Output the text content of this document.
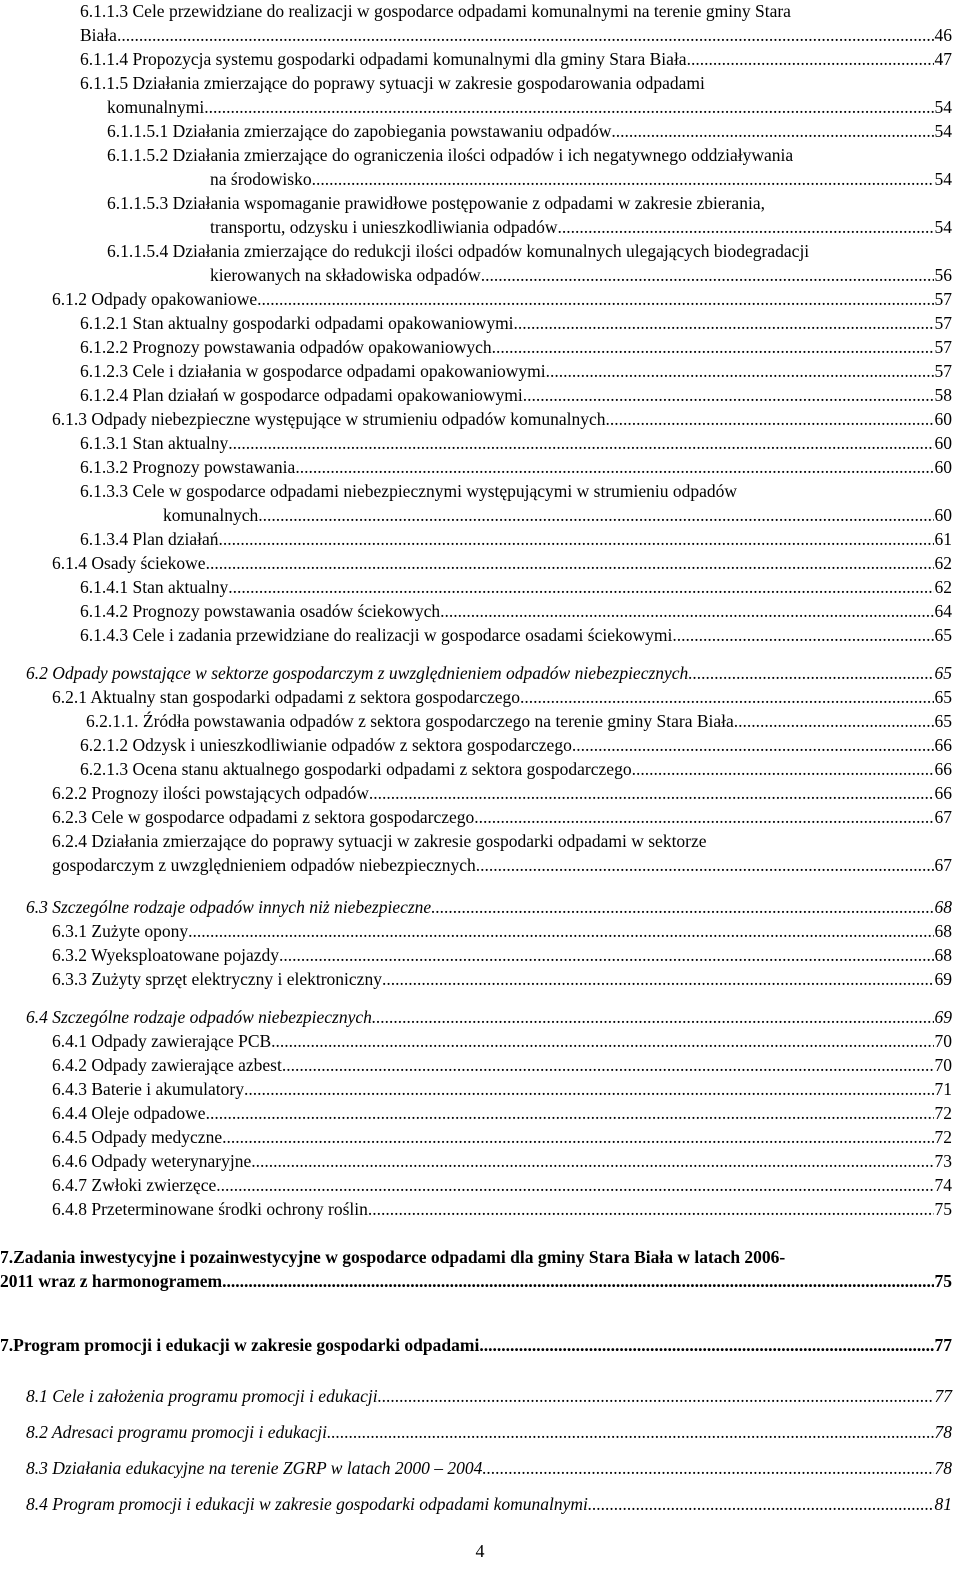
6.1.1.3 Cele przewidziane do realizacji w gospodarce odpadami komunalnymi na terenie gminy Stara
Biała .....	46
6.1.1.4 Propozycja systemu gospodarki odpadami komunalnymi dla gminy Stara Biała .....	47
6.1.1.5 Działania zmierzające do poprawy sytuacji w zakresie gospodarowania odpadami
komunalnymi .....	54
6.1.1.5.1 Działania zmierzające do zapobiegania powstawaniu odpadów .....	54
6.1.1.5.2 Działania zmierzające do ograniczenia ilości odpadów i ich negatywnego oddziaływania
na środowisko .....	54
6.1.1.5.3 Działania wspomaganie prawidłowe postępowanie z odpadami w zakresie zbierania,
transportu, odzysku i unieszkodliwiania odpadów .....	54
6.1.1.5.4 Działania zmierzające do redukcji ilości odpadów komunalnych ulegających biodegradacji
kierowanych na składowiska odpadów .....	56
6.1.2 Odpady opakowaniowe .....	57
6.1.2.1 Stan aktualny gospodarki odpadami opakowaniowymi .....	57
6.1.2.2 Prognozy powstawania odpadów opakowaniowych .....	57
6.1.2.3 Cele i działania w gospodarce odpadami opakowaniowymi .....	57
6.1.2.4 Plan działań w gospodarce odpadami opakowaniowymi .....	58
6.1.3 Odpady niebezpieczne występujące w strumieniu odpadów komunalnych .....	60
6.1.3.1 Stan aktualny .....	60
6.1.3.2 Prognozy powstawania .....	60
6.1.3.3 Cele w gospodarce odpadami niebezpiecznymi występującymi w strumieniu odpadów
komunalnych .....	60
6.1.3.4 Plan działań .....	61
6.1.4 Osady ściekowe .....	62
6.1.4.1 Stan aktualny .....	62
6.1.4.2 Prognozy powstawania osadów ściekowych .....	64
6.1.4.3 Cele i zadania przewidziane do realizacji w gospodarce osadami ściekowymi .....	65
6.2 Odpady powstające w sektorze gospodarczym z uwzględnieniem odpadów niebezpiecznych .....	65
6.2.1 Aktualny stan gospodarki odpadami z sektora gospodarczego .....	65
6.2.1.1. Źródła powstawania odpadów z sektora gospodarczego na terenie gminy Stara Biała .....	65
6.2.1.2 Odzysk i unieszkodliwianie odpadów z sektora gospodarczego .....	66
6.2.1.3 Ocena stanu aktualnego gospodarki odpadami z sektora gospodarczego .....	66
6.2.2 Prognozy ilości powstających odpadów .....	66
6.2.3 Cele w gospodarce odpadami z sektora gospodarczego .....	67
6.2.4 Działania zmierzające do poprawy sytuacji w zakresie gospodarki odpadami w sektorze
gospodarczym z uwzględnieniem odpadów niebezpiecznych .....	67
6.3 Szczególne rodzaje odpadów innych niż niebezpieczne .....	68
6.3.1 Zużyte opony .....	68
6.3.2 Wyeksploatowane pojazdy .....	68
6.3.3 Zużyty sprzęt elektryczny i elektroniczny .....	69
6.4 Szczególne rodzaje odpadów niebezpiecznych .....	69
6.4.1 Odpady zawierające PCB .....	70
6.4.2 Odpady zawierające azbest .....	70
6.4.3 Baterie i akumulatory .....	71
6.4.4 Oleje odpadowe .....	72
6.4.5 Odpady medyczne .....	72
6.4.6 Odpady weterynaryjne .....	73
6.4.7 Zwłoki zwierzęce .....	74
6.4.8 Przeterminowane środki ochrony roślin .....	75
7.Zadania inwestycyjne i pozainwestycyjne w gospodarce odpadami dla gminy Stara Biała w latach 2006-
2011 wraz z harmonogramem .....	75
7.Program promocji i edukacji w zakresie gospodarki odpadami .....	77
8.1 Cele i założenia programu promocji i edukacji .....	77
8.2 Adresaci programu promocji i edukacji .....	78
8.3 Działania edukacyjne na terenie ZGRP w latach 2000 – 2004 .....	78
8.4 Program promocji i edukacji w zakresie gospodarki odpadami komunalnymi .....	81
4
